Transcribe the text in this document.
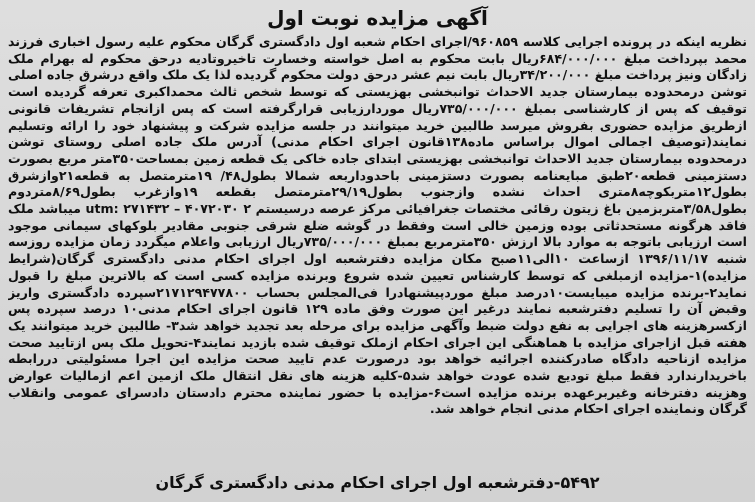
آگهی مزایده نوبت اول

نظریه اینکه در پرونده اجرایی کلاسه ۹۶۰۸۵۹/اجرای احکام شعبه اول دادگستری گرگان محکوم علیه رسول اخباری فرزند محمد بپرداخت مبلغ ۶۸۴/۰۰۰/۰۰۰ریال بابت محکوم به اصل خواسته وخسارت تاخیروتادیه درحق محکوم له بهرام ملک زادگان ونیز پرداخت مبلغ ۳۴/۲۰۰/۰۰۰ریال بابت نیم عشر درحق دولت محکوم گردیده لذا یک ملک واقع درشرق جاده اصلی توشن درمحدوده بیمارستان جدید الاحداث توانبخشی بهزیستی که توسط شخص ثالث محمداکبری تعرفه گردیده است توقیف که پس از کارشناسی بمبلغ ۷۳۵/۰۰۰/۰۰۰ریال موردارزیابی قرارگرفته است که پس ازانجام تشریفات قانونی ازطریق مزایده حضوری بفروش میرسد طالبین خرید میتوانند در جلسه مزایده شرکت و پیشنهاد خود را ارائه وتسلیم نمایند(توصیف اجمالی اموال براساس ماده۱۳۸قانون اجرای احکام مدنی) آدرس ملک جاده اصلی روستای توشن درمحدوده بیمارستان جدید الاحداث توانبخشی بهزیستی ابتدای جاده خاکی یک قطعه زمین بمساحت۳۵۰متر مربع بصورت دستزمینی قطعه۲۰طبق مبایعنامه بصورت دستزمینی باحدوداربعه شمالا بطول۴۸/ ۱۹مترمتصل به قطعه۲۱وازشرق بطول۱۲متربکوچه۸متری احداث نشده وازجنوب بطول۲۹/۱۹مترمتصل بقطعه ۱۹وازغرب بطول۸/۶۹متردوم بطول۳/۵۸متربزمین باغ زیتون رقائی مختصات جغرافیائی مرکز عرصه درسیستم utm: ۲۷۱۴۳۲ – ۴۰۷۲۰۳۰ ۲ میباشد ملک فاقد هرگونه مستحدثاتی بوده وزمین خالی است وفقط در گوشه ضلع شرقی جنوبی مقادیر بلوکهای سیمانی موجود است ارزیابی باتوجه به موارد بالا ارزش ۳۵۰مترمربع بمبلغ ۷۳۵/۰۰۰/۰۰۰ریال ارزیابی واعلام میگردد زمان مزایده روزسه شنبه ۱۳۹۶/۱۱/۱۷ ازساعت ۱۰الی۱۱صبح مکان مزایده دفترشعبه اول اجرای احکام مدنی دادگستری گرگان(شرایط مزایده)۱-مزایده ازمبلغی که توسط کارشناس تعیین شده شروع وبرنده مزایده کسی است که بالاترین مبلغ را قبول نماید۲-برنده مزایده میبایست۱۰درصد مبلغ موردپیشنهادرا فی‌المجلس بحساب ۲۱۷۱۲۹۴۷۷۸۰۰سپرده دادگستری واریز وقبض آن را تسلیم دفترشعبه نمایند درغیر این صورت وفق ماده ۱۲۹ قانون اجرای احکام مدنی۱۰ درصد سپرده پس ازکسرهزینه های اجرایی به نفع دولت ضبط وآگهی مزایده برای مرحله بعد تجدید خواهد شد۳- طالبین خرید میتوانند یک هفته قبل ازاجرای مزایده با هماهنگی این اجرای احکام ازملک توقیف شده بازدید نمایند۴-تحویل ملک پس ازتایید صحت مزایده ازناحیه دادگاه صادرکننده اجرائیه خواهد بود درصورت عدم تایید صحت مزایده این اجرا مسئولیتی دررابطه باخریدارندارد فقط مبلغ تودیع شده عودت خواهد شد۵-کلیه هزینه های نقل انتقال ملک ازمین اعم ازمالیات عوارض وهزینه دفترخانه وغیربرعهده برنده مزایده است۶-مزایده با حضور نماینده محترم دادستان دادسرای عمومی وانقلاب گرگان ونماینده اجرای احکام مدنی انجام خواهد شد.

۵۴۹۲-دفترشعبه اول اجرای احکام مدنی دادگستری گرگان
